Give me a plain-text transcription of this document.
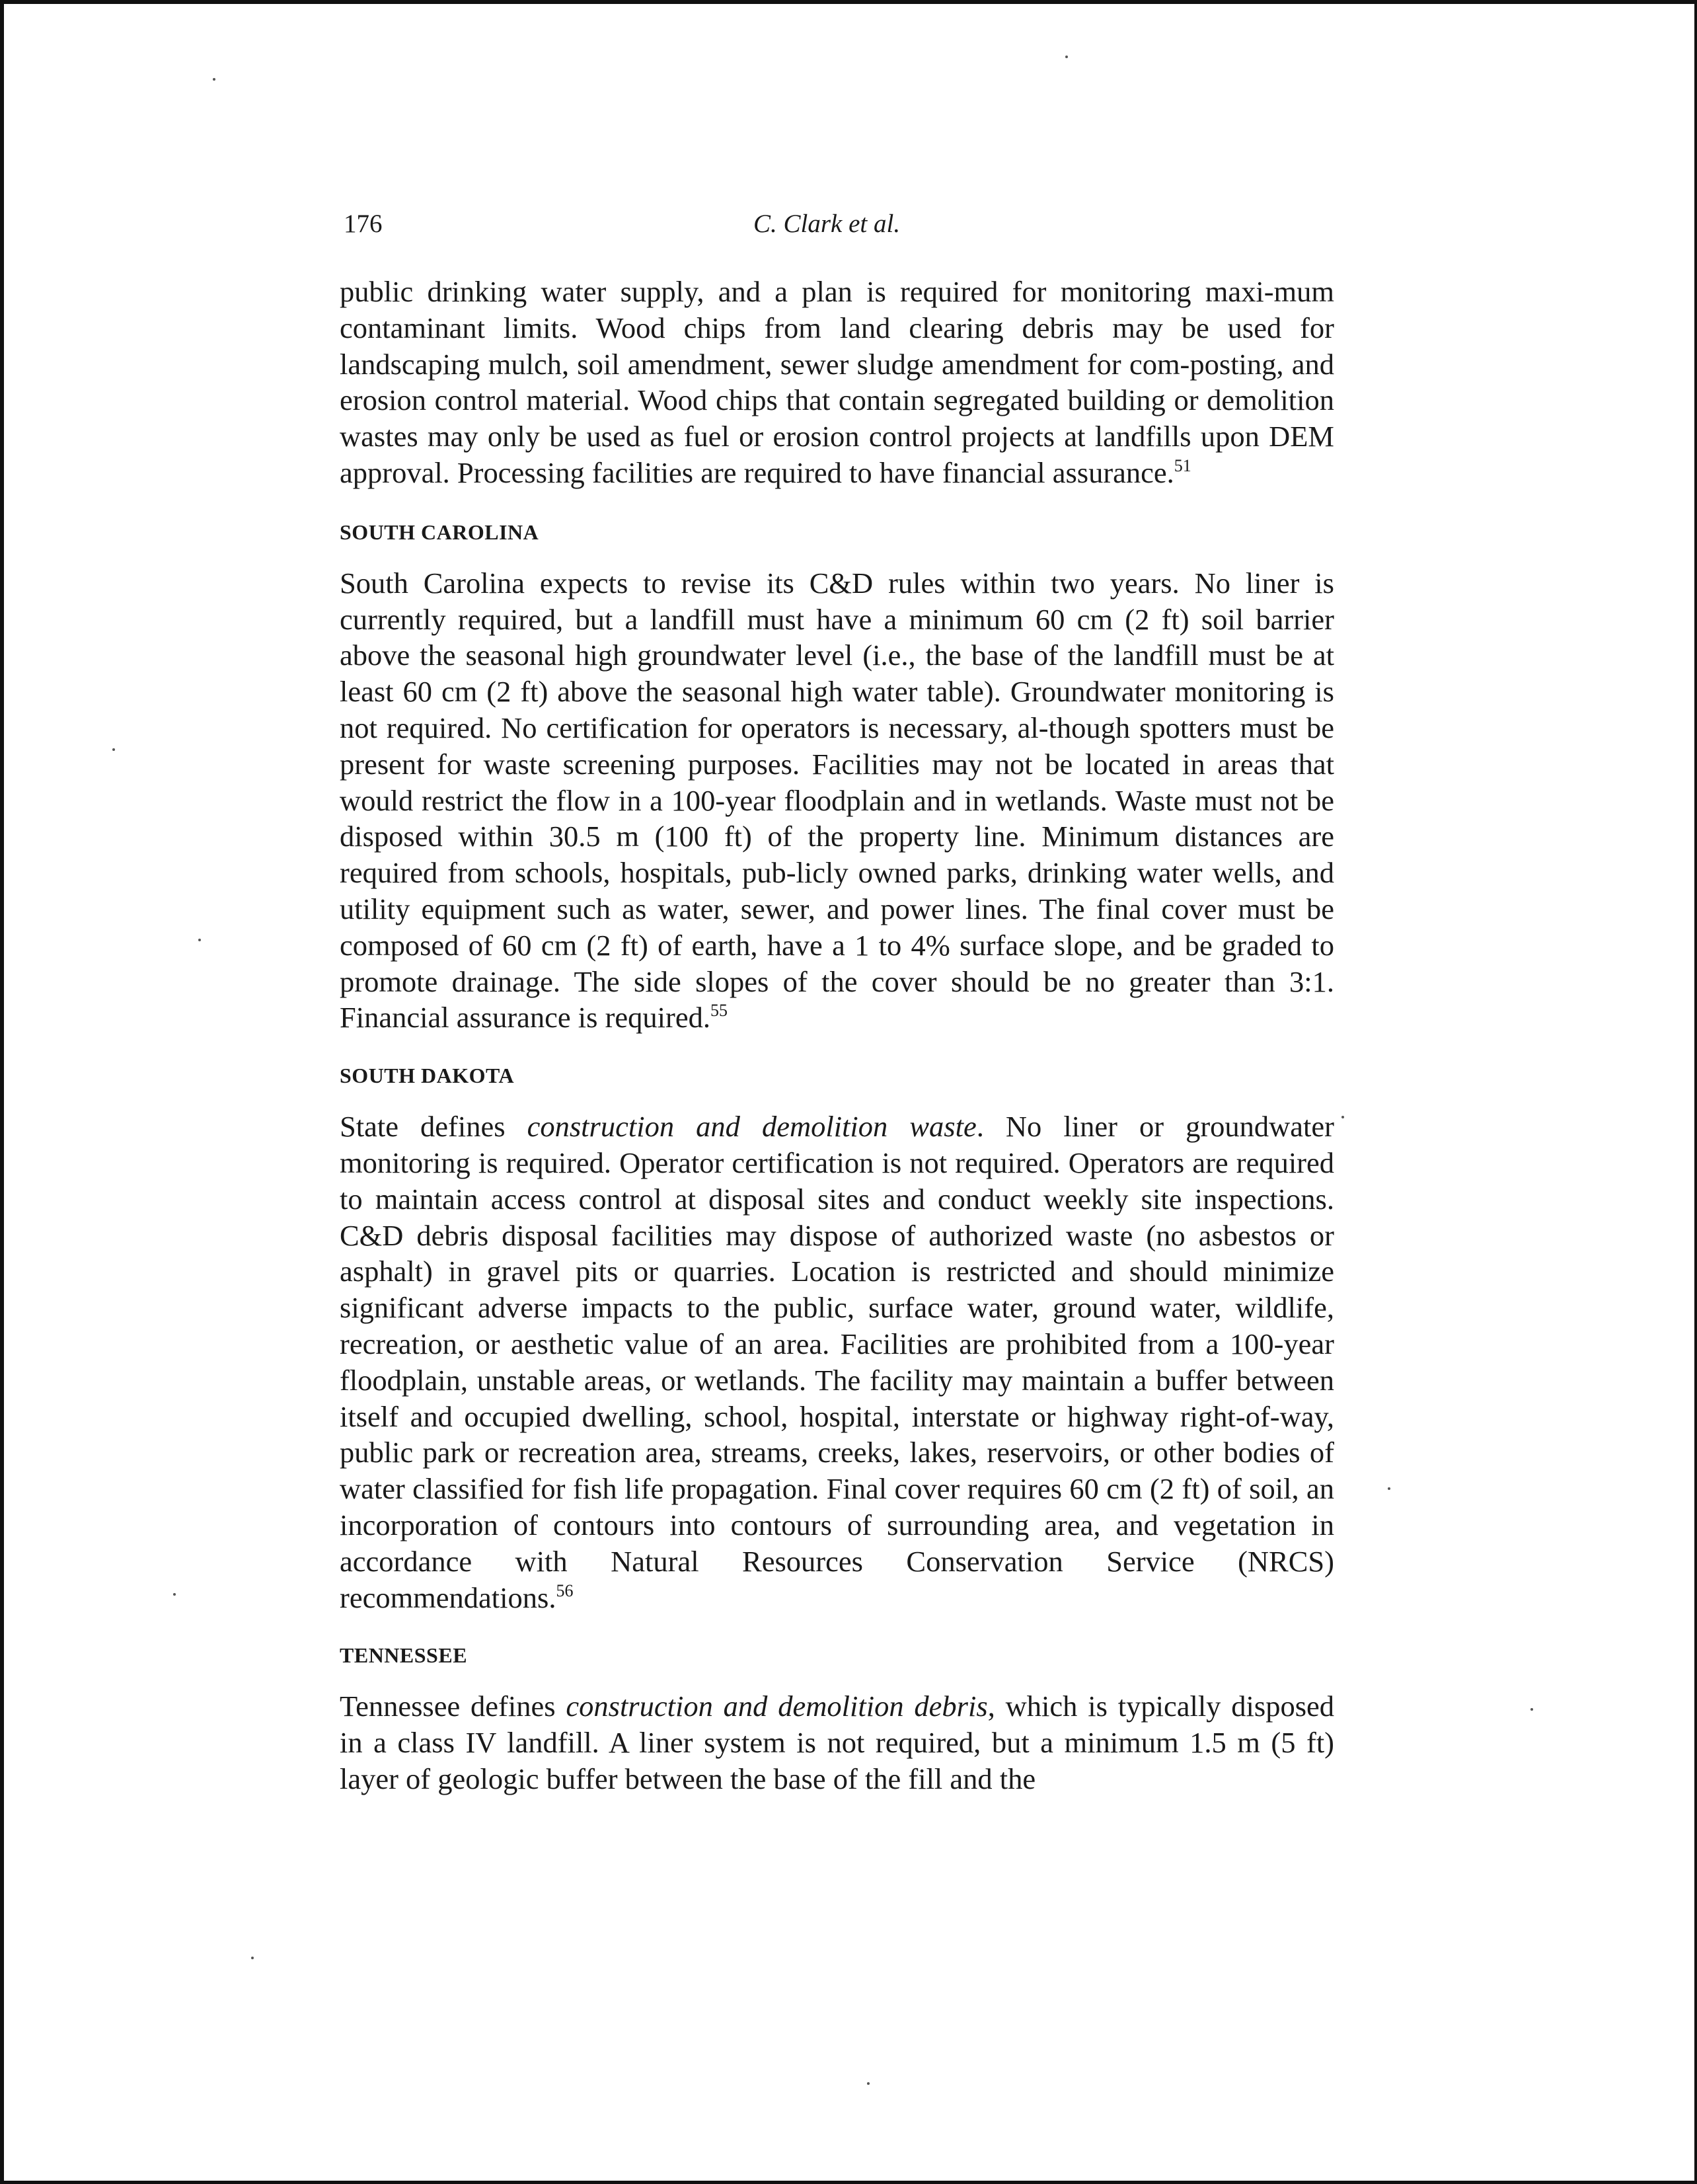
176	C. Clark et al.

public drinking water supply, and a plan is required for monitoring maxi-mum contaminant limits. Wood chips from land clearing debris may be used for landscaping mulch, soil amendment, sewer sludge amendment for com-posting, and erosion control material. Wood chips that contain segregated building or demolition wastes may only be used as fuel or erosion control projects at landfills upon DEM approval. Processing facilities are required to have financial assurance.$^{51}$

SOUTH CAROLINA

South Carolina expects to revise its C&D rules within two years. No liner is currently required, but a landfill must have a minimum 60 cm (2 ft) soil barrier above the seasonal high groundwater level (i.e., the base of the landfill must be at least 60 cm (2 ft) above the seasonal high water table). Groundwater monitoring is not required. No certification for operators is necessary, al-though spotters must be present for waste screening purposes. Facilities may not be located in areas that would restrict the flow in a 100-year floodplain and in wetlands. Waste must not be disposed within 30.5 m (100 ft) of the property line. Minimum distances are required from schools, hospitals, pub-licly owned parks, drinking water wells, and utility equipment such as water, sewer, and power lines. The final cover must be composed of 60 cm (2 ft) of earth, have a 1 to 4% surface slope, and be graded to promote drainage. The side slopes of the cover should be no greater than 3:1. Financial assurance is required.$^{55}$

SOUTH DAKOTA

State defines construction and demolition waste. No liner or groundwater monitoring is required. Operator certification is not required. Operators are required to maintain access control at disposal sites and conduct weekly site inspections. C&D debris disposal facilities may dispose of authorized waste (no asbestos or asphalt) in gravel pits or quarries. Location is restricted and should minimize significant adverse impacts to the public, surface water, ground water, wildlife, recreation, or aesthetic value of an area. Facilities are prohibited from a 100-year floodplain, unstable areas, or wetlands. The facility may maintain a buffer between itself and occupied dwelling, school, hospital, interstate or highway right-of-way, public park or recreation area, streams, creeks, lakes, reservoirs, or other bodies of water classified for fish life propagation. Final cover requires 60 cm (2 ft) of soil, an incorporation of contours into contours of surrounding area, and vegetation in accordance with Natural Resources Conservation Service (NRCS) recommendations.$^{56}$

TENNESSEE

Tennessee defines construction and demolition debris, which is typically disposed in a class IV landfill. A liner system is not required, but a minimum 1.5 m (5 ft) layer of geologic buffer between the base of the fill and the
